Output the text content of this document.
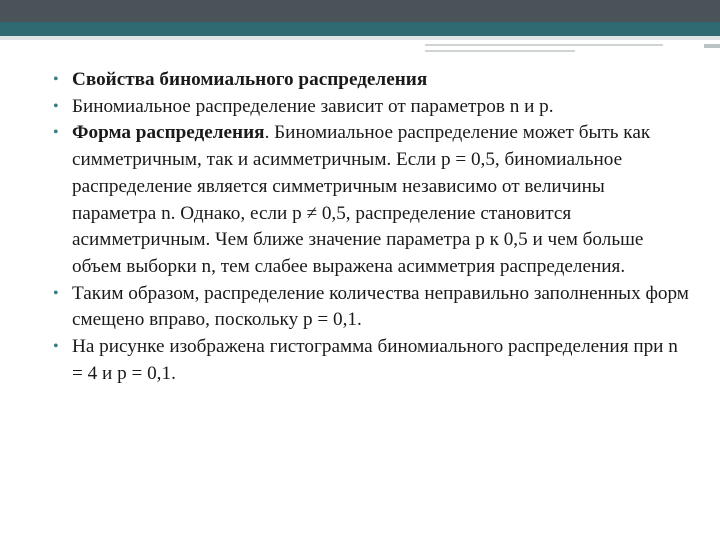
• Свойства биномиального распределения
• Биномиальное распределение зависит от параметров n и p.
• Форма распределения. Биномиальное распределение может быть как симметричным, так и асимметричным. Если p = 0,5, биномиальное распределение является симметричным независимо от величины параметра n. Однако, если p ≠ 0,5, распределение становится асимметричным. Чем ближе значение параметра p к 0,5 и чем больше объем выборки n, тем слабее выражена асимметрия распределения.
• Таким образом, распределение количества неправильно заполненных форм смещено вправо, поскольку p = 0,1.
• На рисунке изображена гистограмма биномиального распределения при n = 4 и p = 0,1.
